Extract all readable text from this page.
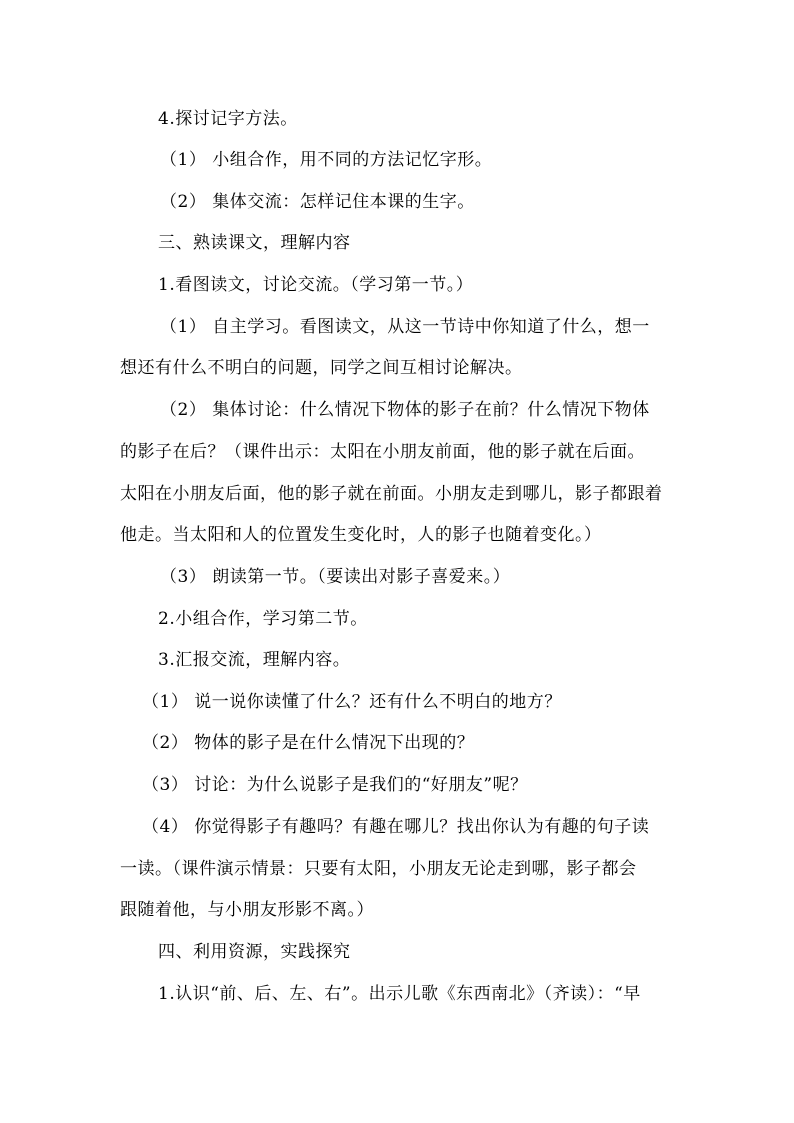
4.探讨记字方法。
（1） 小组合作，用不同的方法记忆字形。
（2） 集体交流：怎样记住本课的生字。
三、熟读课文，理解内容
1.看图读文，讨论交流。（学习第一节。）
（1） 自主学习。看图读文，从这一节诗中你知道了什么，想一
想还有什么不明白的问题，同学之间互相讨论解决。
（2） 集体讨论：什么情况下物体的影子在前？什么情况下物体
的影子在后？（课件出示：太阳在小朋友前面，他的影子就在后面。
太阳在小朋友后面，他的影子就在前面。小朋友走到哪儿，影子都跟着
他走。当太阳和人的位置发生变化时，人的影子也随着变化。）
（3） 朗读第一节。（要读出对影子喜爱来。）
2.小组合作，学习第二节。
3.汇报交流，理解内容。
（1） 说一说你读懂了什么？还有什么不明白的地方？
（2） 物体的影子是在什么情况下出现的？
（3） 讨论：为什么说影子是我们的“好朋友”呢？
（4） 你觉得影子有趣吗？有趣在哪儿？找出你认为有趣的句子读
一读。（课件演示情景：只要有太阳，小朋友无论走到哪，影子都会
跟随着他，与小朋友形影不离。）
四、利用资源，实践探究
1.认识“前、后、左、右”。出示儿歌《东西南北》（齐读）：“早
